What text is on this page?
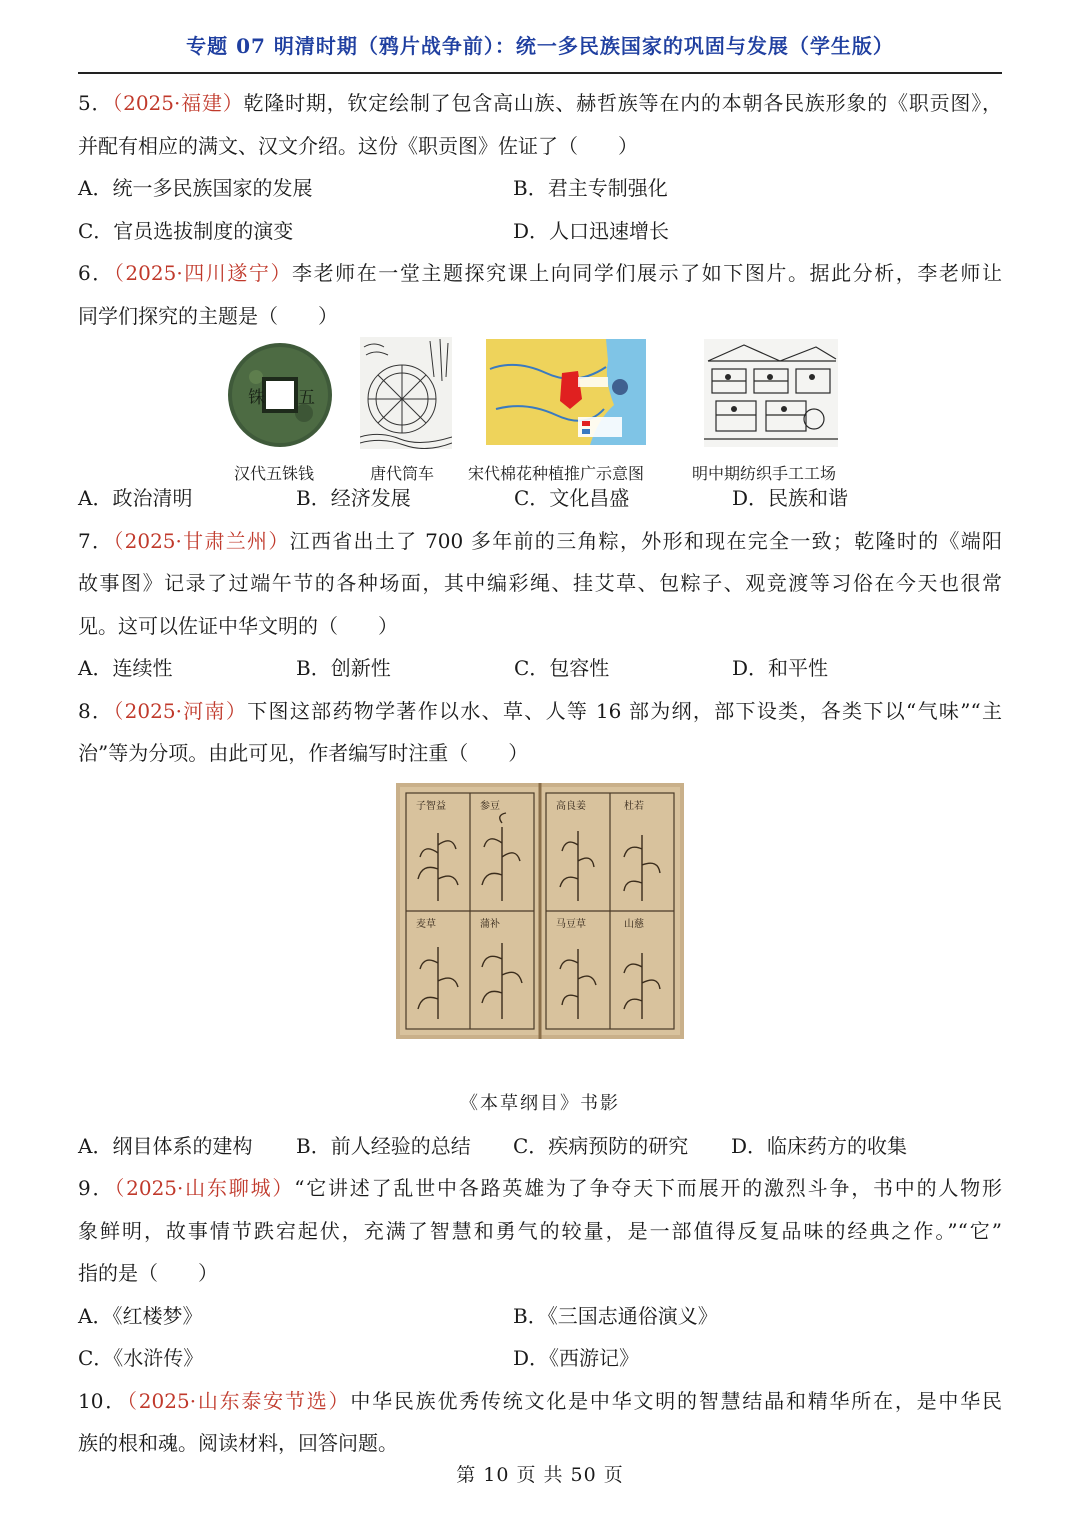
专题 07 明清时期（鸦片战争前）：统一多民族国家的巩固与发展（学生版）
5．（2025·福建）乾隆时期，钦定绘制了包含高山族、赫哲族等在内的本朝各民族形象的《职贡图》，
并配有相应的满文、汉文介绍。这份《职贡图》佐证了（　　）
A．统一多民族国家的发展	B．君主专制强化
C．官员选拔制度的演变	D．人口迅速增长
6．（2025·四川遂宁）李老师在一堂主题探究课上向同学们展示了如下图片。据此分析，李老师让
同学们探究的主题是（　　）
铢 五
汉代五铢钱	唐代筒车 宋代棉花种植推广示意图	明中期纺织手工工场
A．政治清明	B．经济发展	C．文化昌盛	D．民族和谐
7．（2025·甘肃兰州）江西省出土了 700 多年前的三角粽，外形和现在完全一致；乾隆时的《端阳
故事图》记录了过端午节的各种场面，其中编彩绳、挂艾草、包粽子、观竞渡等习俗在今天也很常
见。这可以佐证中华文明的（　　）
A．连续性	B．创新性	C．包容性	D．和平性
8．（2025·河南）下图这部药物学著作以水、草、人等 16 部为纲，部下设类，各类下以“气味”“主
治”等为分项。由此可见，作者编写时注重（　　）
子智益	参豆	高良姜	杜若
麦草	蒲补	马豆草	山慈
《本草纲目》书影
A．纲目体系的建构	B．前人经验的总结	C．疾病预防的研究	D．临床药方的收集
9．（2025·山东聊城）“它讲述了乱世中各路英雄为了争夺天下而展开的激烈斗争，书中的人物形
象鲜明，故事情节跌宕起伏，充满了智慧和勇气的较量，是一部值得反复品味的经典之作。”“它”
指的是（　　）
A．《红楼梦》	B．《三国志通俗演义》
C．《水浒传》	D．《西游记》
10．（2025·山东泰安节选）中华民族优秀传统文化是中华文明的智慧结晶和精华所在，是中华民
族的根和魂。阅读材料，回答问题。
第 10 页 共 50 页
